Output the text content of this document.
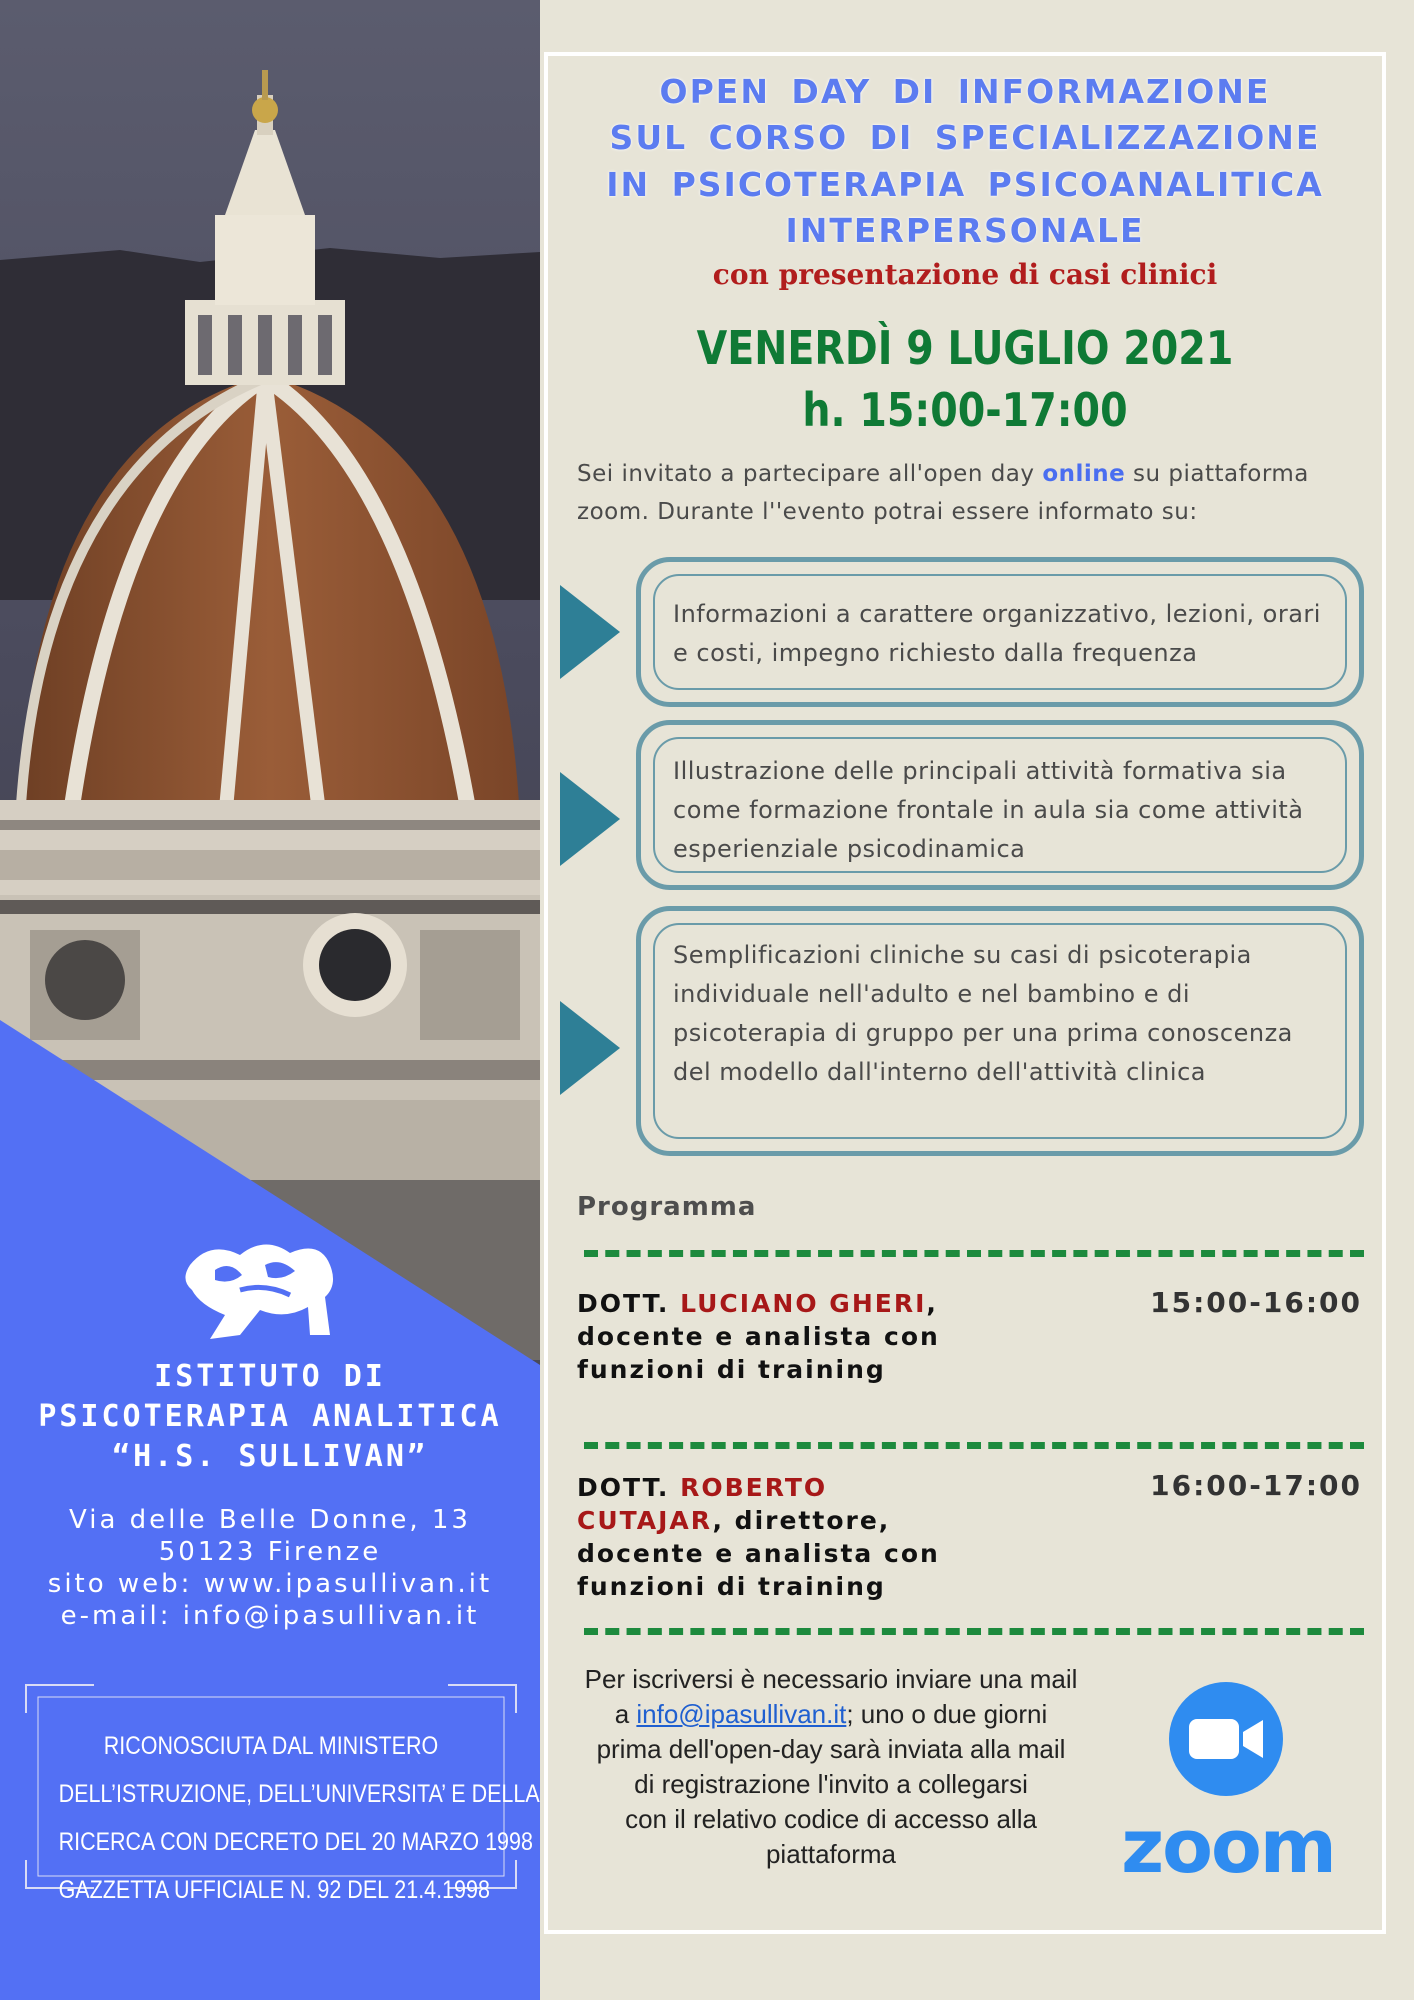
ISTITUTO DI
PSICOTERAPIA ANALITICA
“H.S. SULLIVAN”
Via delle Belle Donne, 13
50123 Firenze
sito web: www.ipasullivan.it
e-mail: info@ipasullivan.it
RICONOSCIUTA DAL MINISTERO
DELL’ISTRUZIONE, DELL’UNIVERSITA’ E DELLA
RICERCA CON DECRETO DEL 20 MARZO 1998
GAZZETTA UFFICIALE N. 92 DEL 21.4.1998
OPEN DAY DI INFORMAZIONE
SUL CORSO DI SPECIALIZZAZIONE
IN PSICOTERAPIA PSICOANALITICA
INTERPERSONALE
con presentazione di casi clinici
VENERDÌ 9 LUGLIO 2021
h. 15:00-17:00
Sei invitato a partecipare all'open day online su piattaforma zoom. Durante l''evento potrai essere informato su:
Informazioni a carattere organizzativo, lezioni, orari e costi, impegno richiesto dalla frequenza
Illustrazione delle principali attività formativa sia come formazione frontale in aula sia come attività esperienziale psicodinamica
Semplificazioni cliniche su casi di psicoterapia individuale nell'adulto e nel bambino e di psicoterapia di gruppo per una prima conoscenza del modello dall'interno dell'attività clinica
Programma
DOTT. LUCIANO GHERI,
docente e analista con
funzioni di training
15:00-16:00
DOTT. ROBERTO
CUTAJAR, direttore,
docente e analista con
funzioni di training
16:00-17:00
Per iscriversi è necessario inviare una mail
a info@ipasullivan.it; uno o due giorni
prima dell'open-day sarà inviata alla mail
di registrazione l'invito a collegarsi
con il relativo codice di accesso alla
piattaforma	zoom
